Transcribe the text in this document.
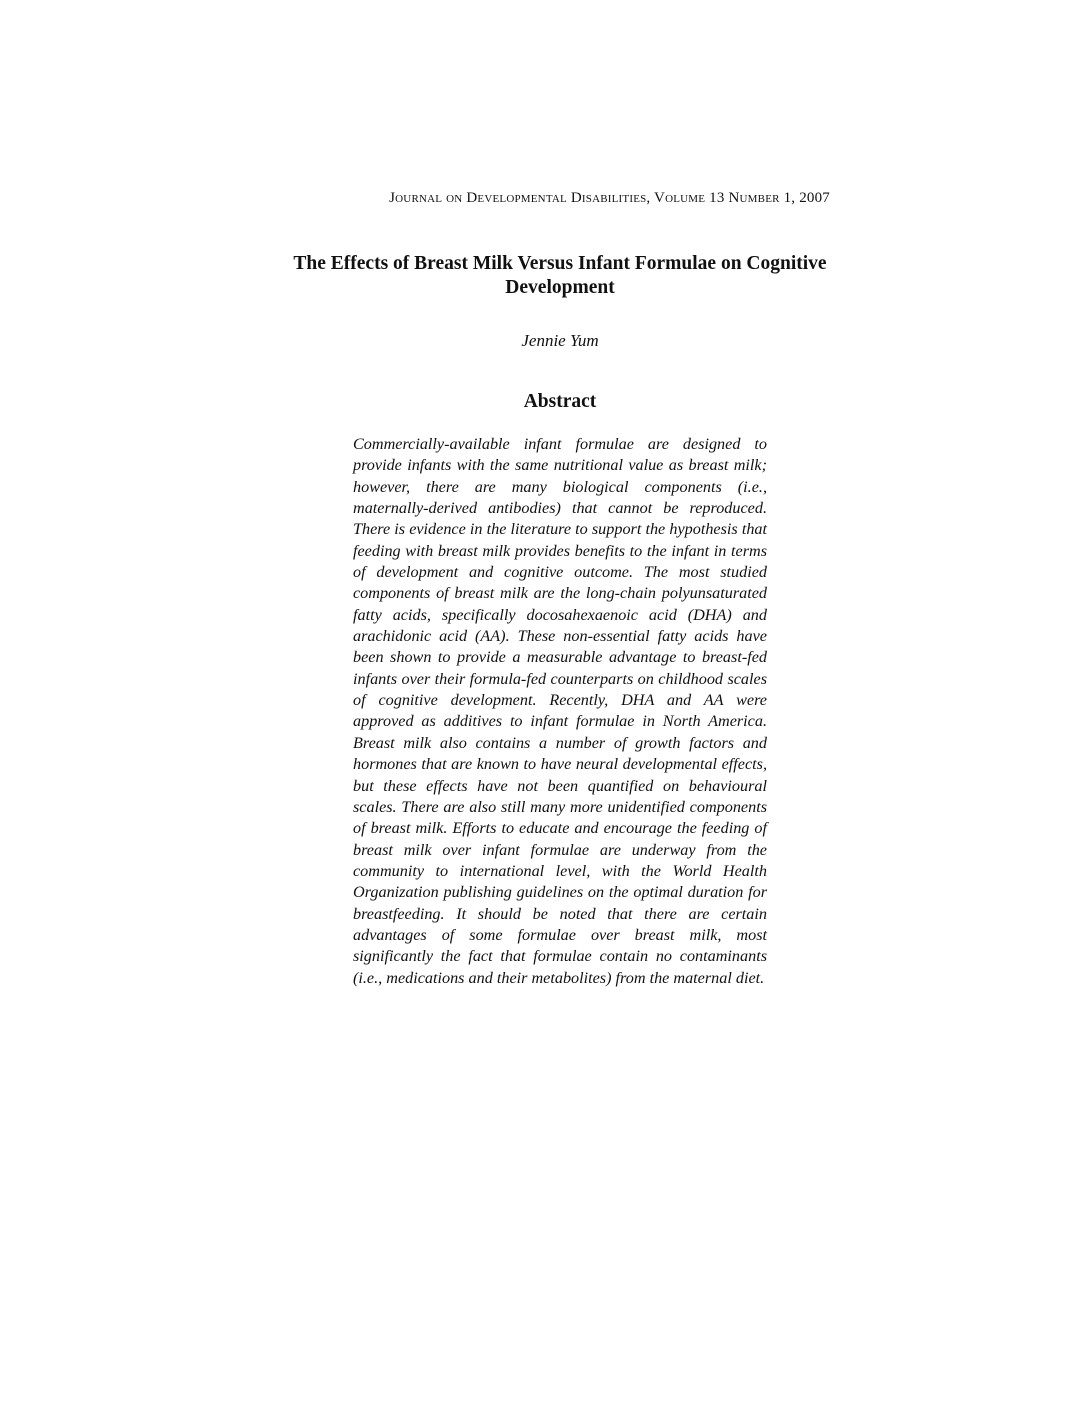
Journal on Developmental Disabilities, Volume 13 Number 1, 2007
The Effects of Breast Milk Versus Infant Formulae on Cognitive Development
Jennie Yum
Abstract

Commercially-available infant formulae are designed to provide infants with the same nutritional value as breast milk; however, there are many biological components (i.e., maternally-derived antibodies) that cannot be reproduced. There is evidence in the literature to support the hypothesis that feeding with breast milk provides benefits to the infant in terms of development and cognitive outcome. The most studied components of breast milk are the long-chain polyunsaturated fatty acids, specifically docosahexaenoic acid (DHA) and arachidonic acid (AA). These non-essential fatty acids have been shown to provide a measurable advantage to breast-fed infants over their formula-fed counterparts on childhood scales of cognitive development. Recently, DHA and AA were approved as additives to infant formulae in North America. Breast milk also contains a number of growth factors and hormones that are known to have neural developmental effects, but these effects have not been quantified on behavioural scales. There are also still many more unidentified components of breast milk. Efforts to educate and encourage the feeding of breast milk over infant formulae are underway from the community to international level, with the World Health Organization publishing guidelines on the optimal duration for breastfeeding. It should be noted that there are certain advantages of some formulae over breast milk, most significantly the fact that formulae contain no contaminants (i.e., medications and their metabolites) from the maternal diet.
